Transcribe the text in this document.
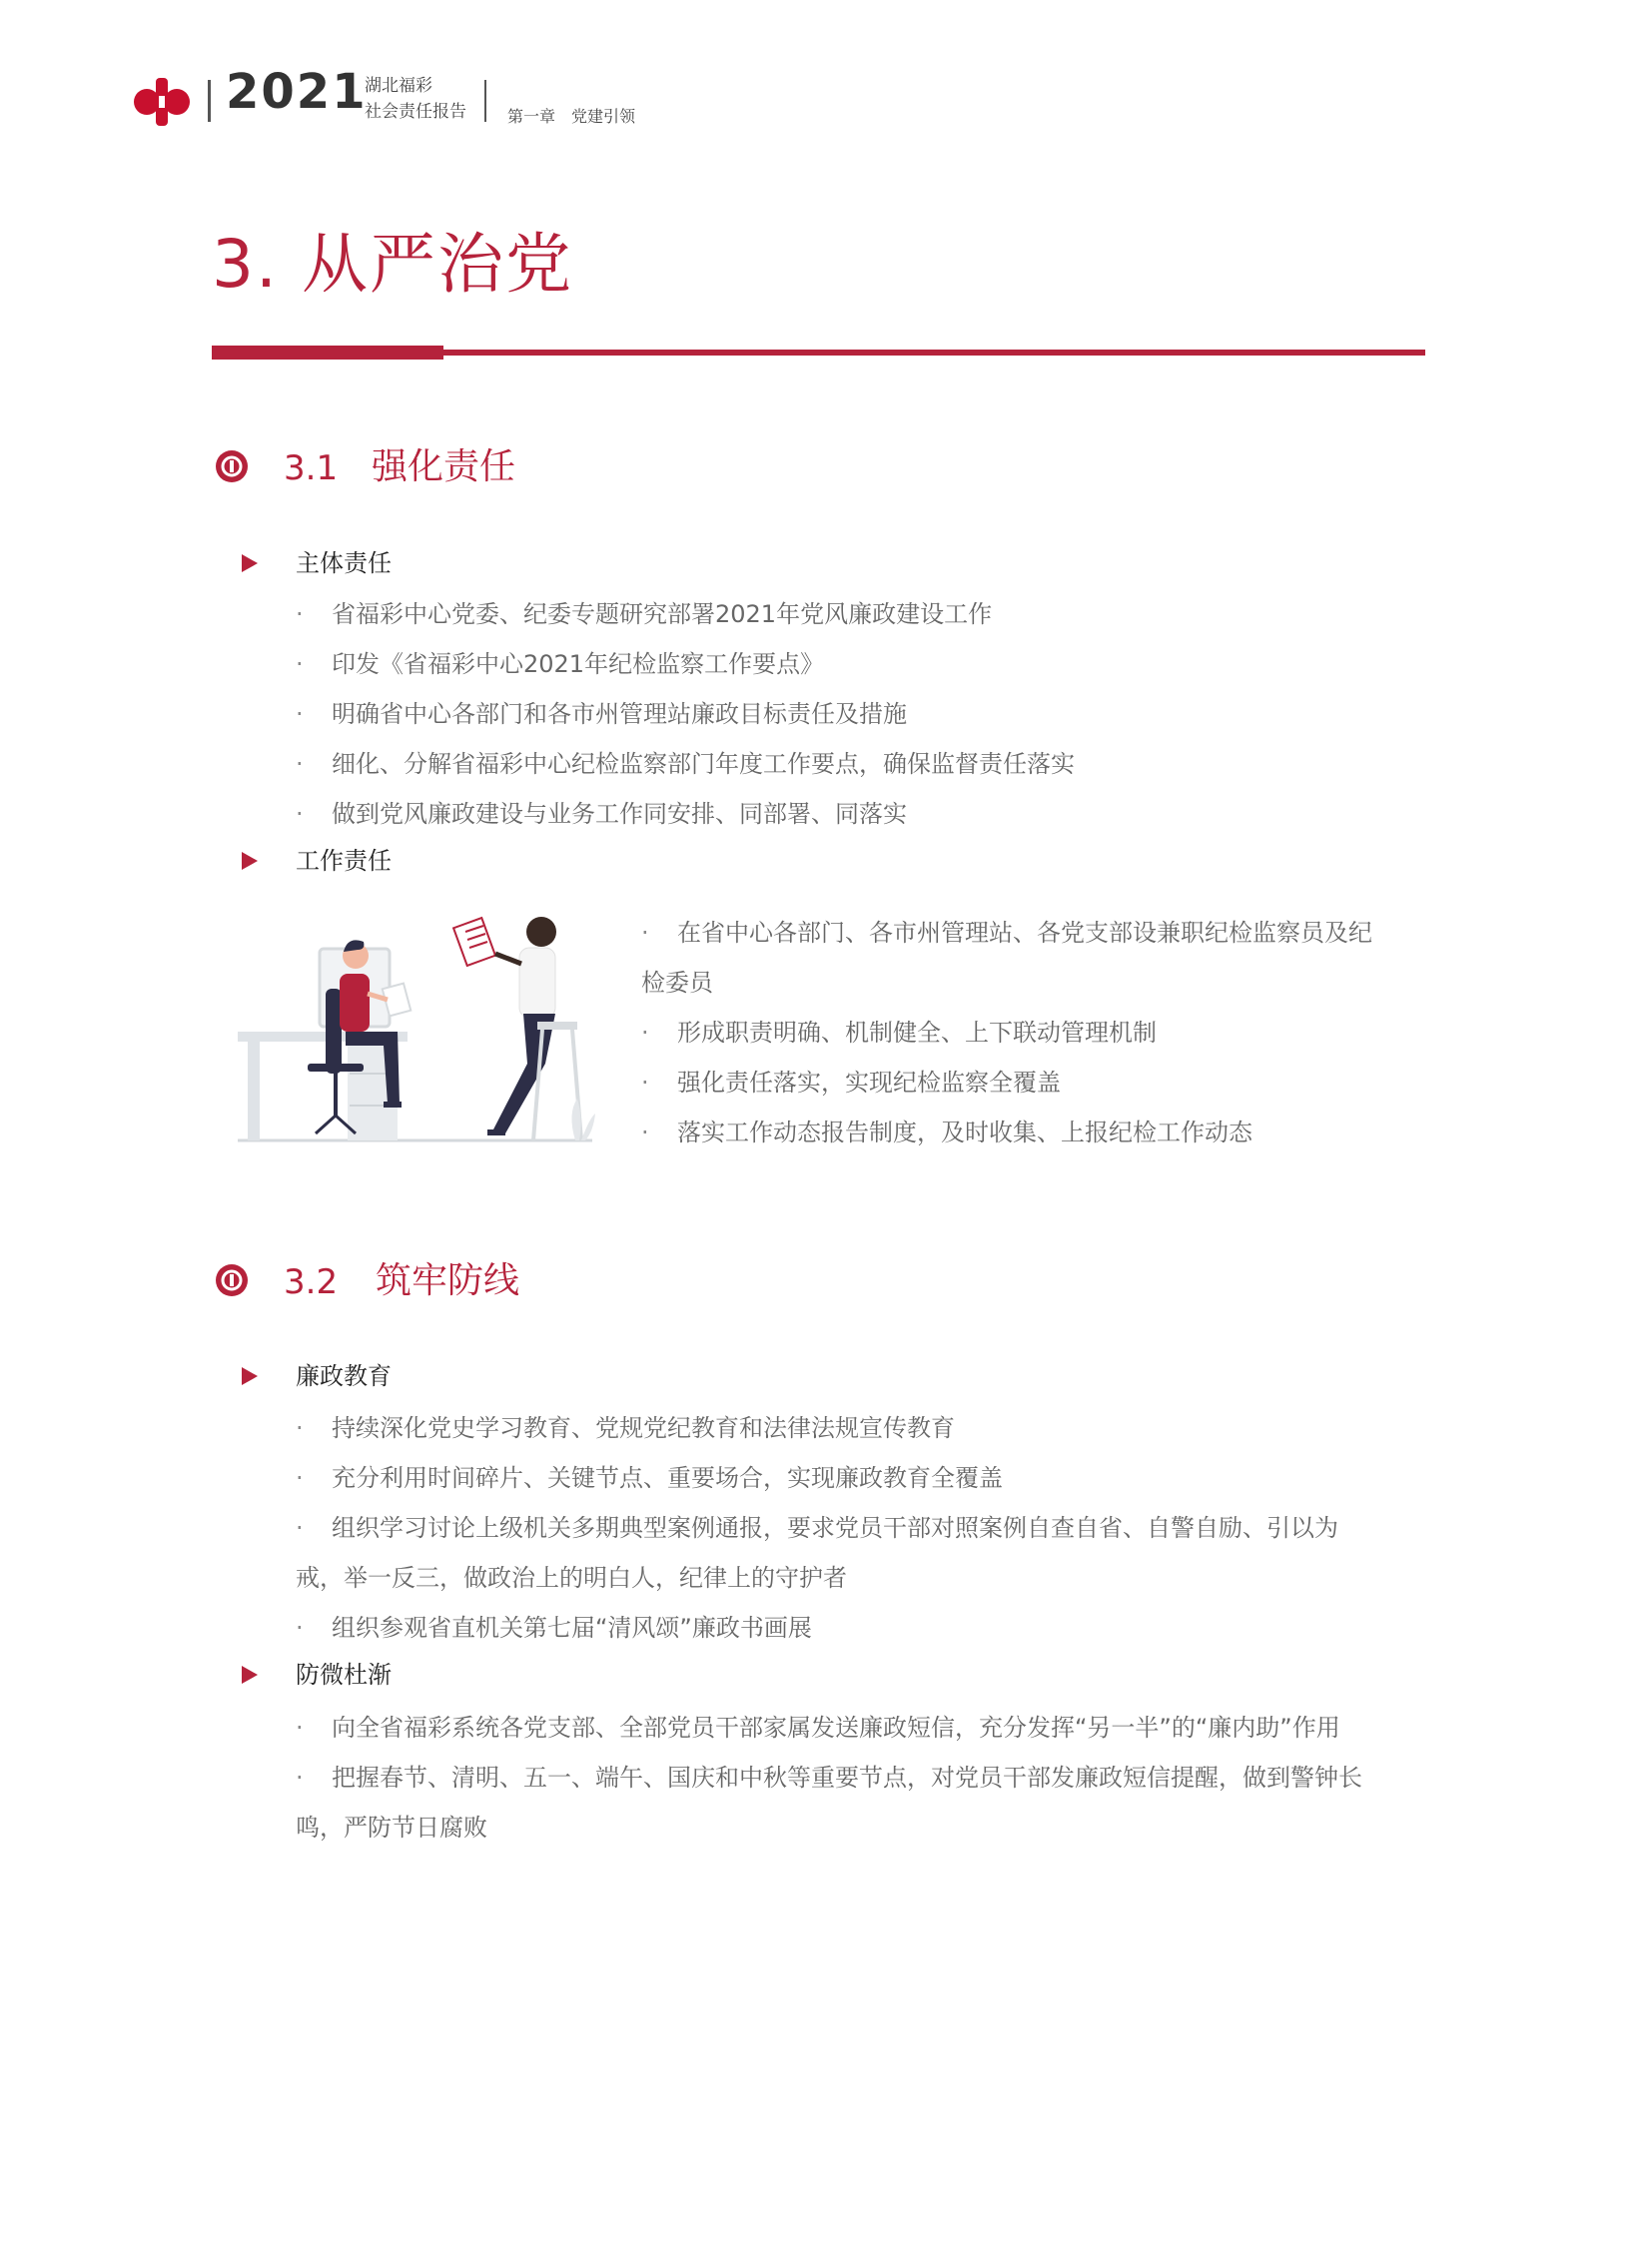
2021
湖北福彩
社会责任报告	第一章　党建引领
3. 从严治党
3.1 强化责任
主体责任
· 省福彩中心党委、纪委专题研究部署2021年党风廉政建设工作
· 印发《省福彩中心2021年纪检监察工作要点》
· 明确省中心各部门和各市州管理站廉政目标责任及措施
· 细化、分解省福彩中心纪检监察部门年度工作要点，确保监督责任落实
· 做到党风廉政建设与业务工作同安排、同部署、同落实
工作责任
· 在省中心各部门、各市州管理站、各党支部设兼职纪检监察员及纪
检委员
· 形成职责明确、机制健全、上下联动管理机制
· 强化责任落实，实现纪检监察全覆盖
· 落实工作动态报告制度，及时收集、上报纪检工作动态
3.2 筑牢防线
廉政教育
· 持续深化党史学习教育、党规党纪教育和法律法规宣传教育
· 充分利用时间碎片、关键节点、重要场合，实现廉政教育全覆盖
· 组织学习讨论上级机关多期典型案例通报，要求党员干部对照案例自查自省、自警自励、引以为
戒，举一反三，做政治上的明白人，纪律上的守护者
· 组织参观省直机关第七届“清风颂”廉政书画展
防微杜渐
· 向全省福彩系统各党支部、全部党员干部家属发送廉政短信，充分发挥“另一半”的“廉内助”作用
· 把握春节、清明、五一、端午、国庆和中秋等重要节点，对党员干部发廉政短信提醒，做到警钟长
鸣，严防节日腐败
